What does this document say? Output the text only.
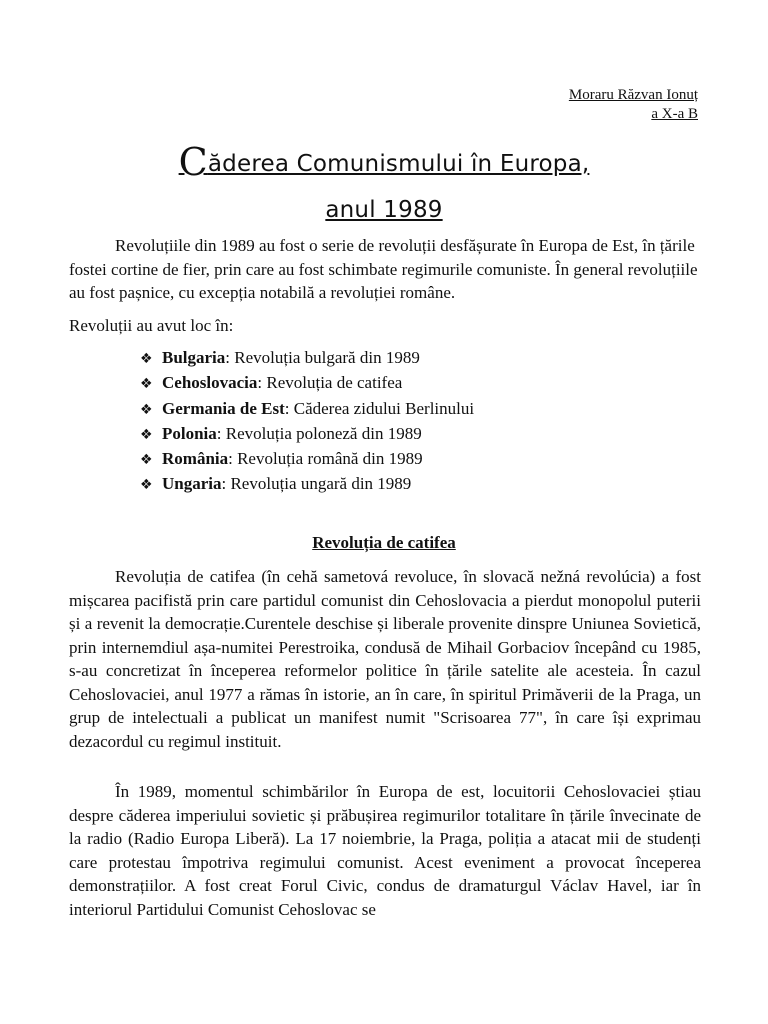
Moraru Răzvan Ionuț
a X-a B
Căderea Comunismului în Europa,
anul 1989

Revoluțiile din 1989 au fost o serie de revoluții desfășurate în Europa de Est, în țările fostei cortine de fier, prin care au fost schimbate regimurile comuniste. În general revoluțiile au fost pașnice, cu excepția notabilă a revoluției române.

Revoluții au avut loc în:

❖ Bulgaria: Revoluția bulgară din 1989
❖ Cehoslovacia: Revoluția de catifea
❖ Germania de Est: Căderea zidului Berlinului
❖ Polonia: Revoluția poloneză din 1989
❖ România: Revoluția română din 1989
❖ Ungaria: Revoluția ungară din 1989
Revoluția de catifea

Revoluția de catifea (în cehă sametová revoluce, în slovacă nežná revolúcia) a fost mișcarea pacifistă prin care partidul comunist din Cehoslovacia a pierdut monopolul puterii și a revenit la democrație.Curentele deschise și liberale provenite dinspre Uniunea Sovietică, prin internemdiul așa-numitei Perestroika, condusă de Mihail Gorbaciov începând cu 1985, s-au concretizat în începerea reformelor politice în țările satelite ale acesteia. În cazul Cehoslovaciei, anul 1977 a rămas în istorie, an în care, în spiritul Primăverii de la Praga, un grup de intelectuali a publicat un manifest numit "Scrisoarea 77", în care își exprimau dezacordul cu regimul instituit.

În 1989, momentul schimbărilor în Europa de est, locuitorii Cehoslovaciei știau despre căderea imperiului sovietic și prăbușirea regimurilor totalitare în țările învecinate de la radio (Radio Europa Liberă). La 17 noiembrie, la Praga, poliția a atacat mii de studenți care protestau împotriva regimului comunist. Acest eveniment a provocat începerea demonstrațiilor. A fost creat Forul Civic, condus de dramaturgul Václav Havel, iar în interiorul Partidului Comunist Cehoslovac se
